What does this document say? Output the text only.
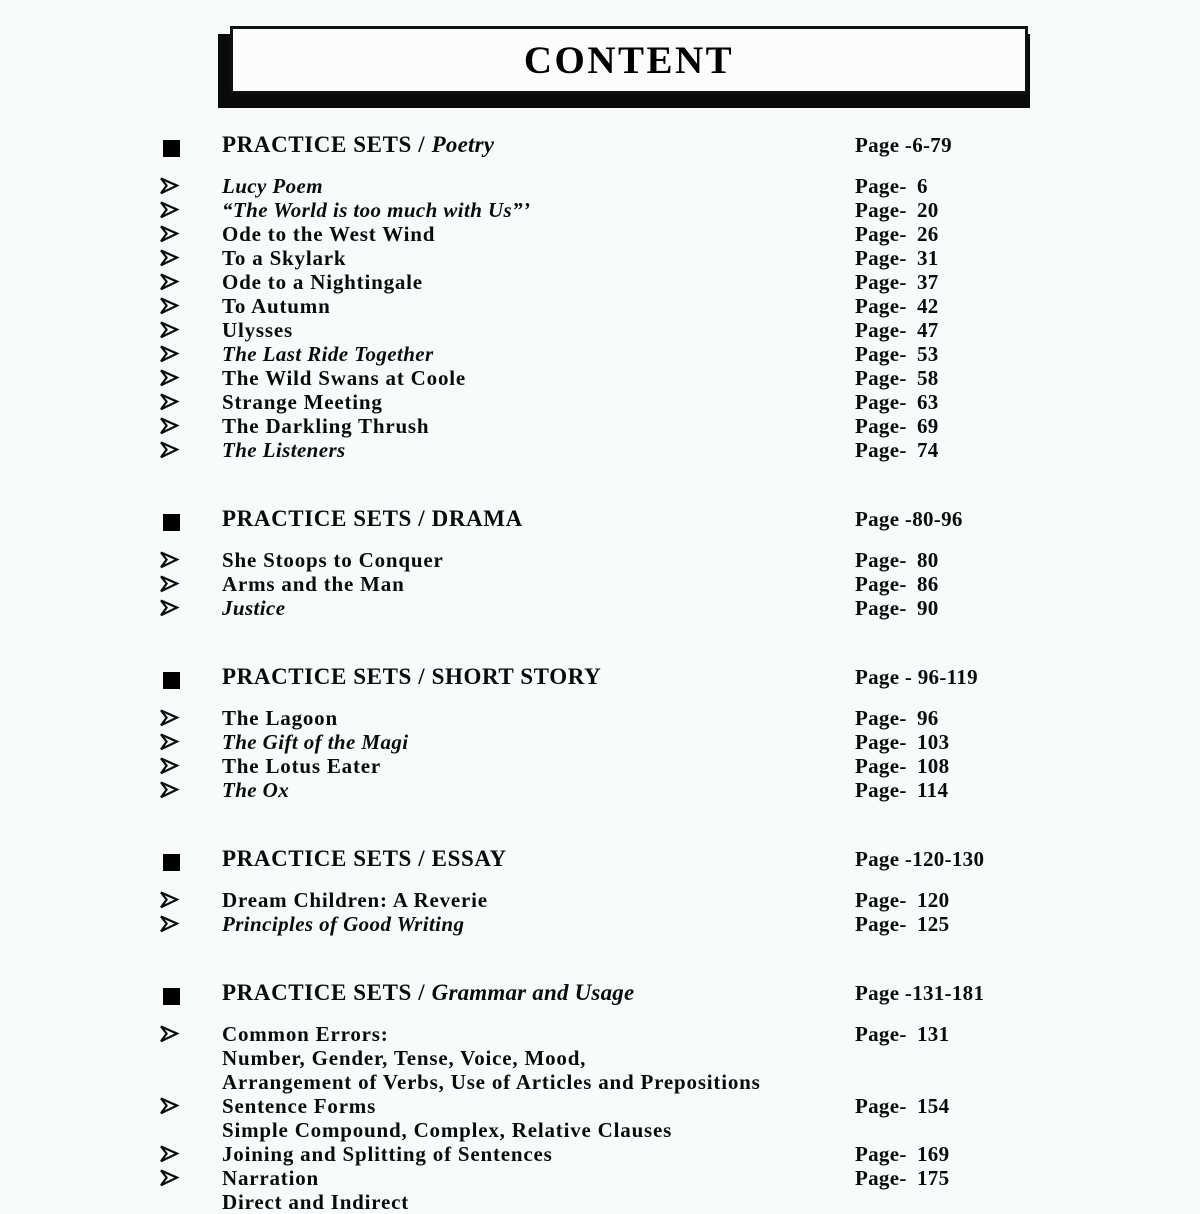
CONTENT
PRACTICE SETS / Poetry	Page -6-79
Lucy Poem	Page- 6
“The World is too much with Us”’	Page- 20
Ode to the West Wind	Page- 26
To a Skylark	Page- 31
Ode to a Nightingale	Page- 37
To Autumn	Page- 42
Ulysses	Page- 47
The Last Ride Together	Page- 53
The Wild Swans at Coole	Page- 58
Strange Meeting	Page- 63
The Darkling Thrush	Page- 69
The Listeners	Page- 74
PRACTICE SETS / DRAMA	Page -80-96
She Stoops to Conquer	Page- 80
Arms and the Man	Page- 86
Justice	Page- 90
PRACTICE SETS / SHORT STORY	Page - 96-119
The Lagoon	Page- 96
The Gift of the Magi	Page- 103
The Lotus Eater	Page- 108
The Ox	Page- 114
PRACTICE SETS / ESSAY	Page -120-130
Dream Children: A Reverie	Page- 120
Principles of Good Writing	Page- 125
PRACTICE SETS / Grammar and Usage	Page -131-181
Common Errors:	Page- 131
Number, Gender, Tense, Voice, Mood,
Arrangement of Verbs, Use of Articles and Prepositions
Sentence Forms	Page- 154
Simple Compound, Complex, Relative Clauses
Joining and Splitting of Sentences	Page- 169
Narration	Page- 175
Direct and Indirect
